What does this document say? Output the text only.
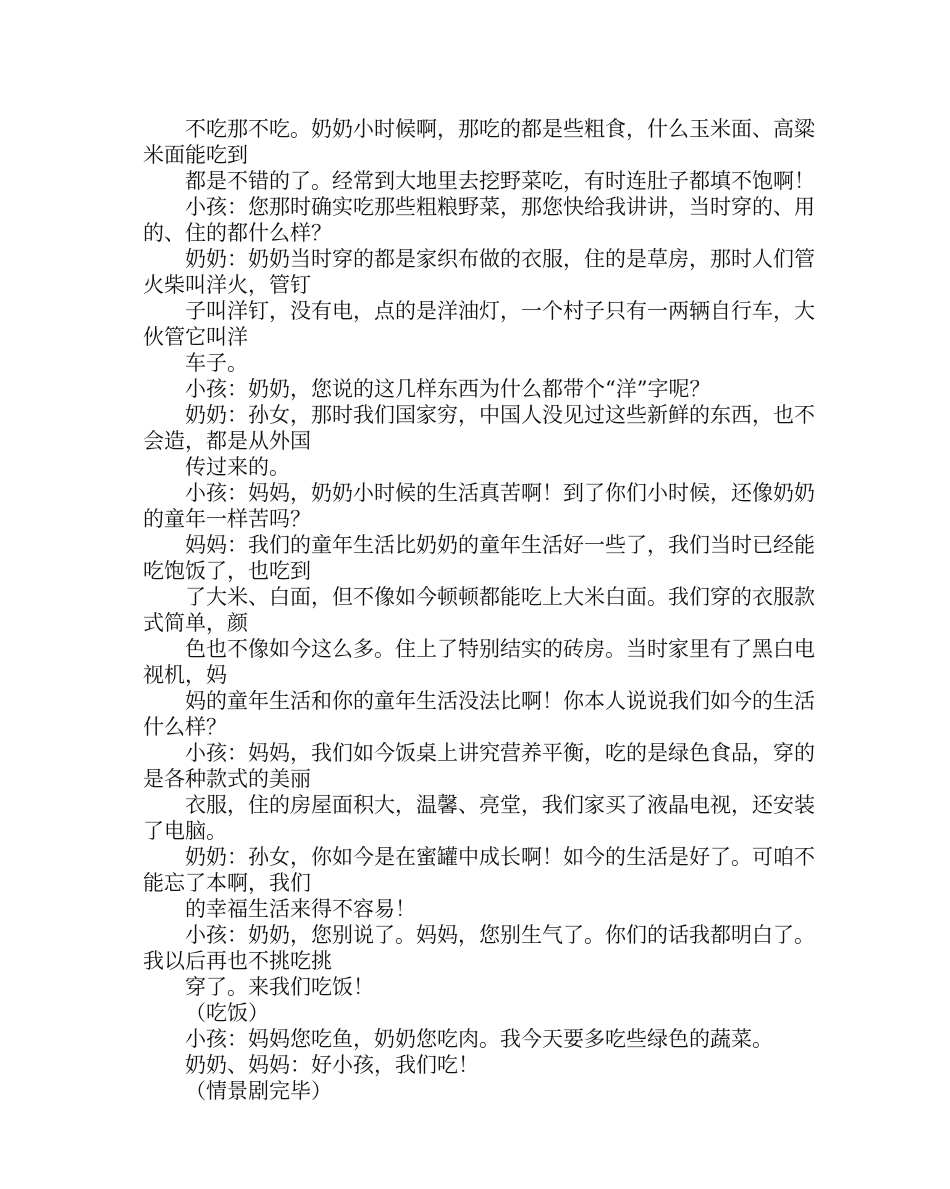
不吃那不吃。奶奶小时候啊，那吃的都是些粗食，什么玉米面、高粱米面能吃到

都是不错的了。经常到大地里去挖野菜吃，有时连肚子都填不饱啊！

小孩：您那时确实吃那些粗粮野菜，那您快给我讲讲，当时穿的、用的、住的都什么样？

奶奶：奶奶当时穿的都是家织布做的衣服，住的是草房，那时人们管火柴叫洋火，管钉

子叫洋钉，没有电，点的是洋油灯，一个村子只有一两辆自行车，大伙管它叫洋

车子。

小孩：奶奶，您说的这几样东西为什么都带个“洋”字呢？

奶奶：孙女，那时我们国家穷，中国人没见过这些新鲜的东西，也不会造，都是从外国

传过来的。

小孩：妈妈，奶奶小时候的生活真苦啊！到了你们小时候，还像奶奶的童年一样苦吗？

妈妈：我们的童年生活比奶奶的童年生活好一些了，我们当时已经能吃饱饭了，也吃到

了大米、白面，但不像如今顿顿都能吃上大米白面。我们穿的衣服款式简单，颜

色也不像如今这么多。住上了特别结实的砖房。当时家里有了黑白电视机，妈

妈的童年生活和你的童年生活没法比啊！你本人说说我们如今的生活什么样？

小孩：妈妈，我们如今饭桌上讲究营养平衡，吃的是绿色食品，穿的是各种款式的美丽

衣服，住的房屋面积大，温馨、亮堂，我们家买了液晶电视，还安装了电脑。

奶奶：孙女，你如今是在蜜罐中成长啊！如今的生活是好了。可咱不能忘了本啊，我们

的幸福生活来得不容易！

小孩：奶奶，您别说了。妈妈，您别生气了。你们的话我都明白了。我以后再也不挑吃挑

穿了。来我们吃饭！

（吃饭）

小孩：妈妈您吃鱼，奶奶您吃肉。我今天要多吃些绿色的蔬菜。

奶奶、妈妈：好小孩，我们吃！

（情景剧完毕）
